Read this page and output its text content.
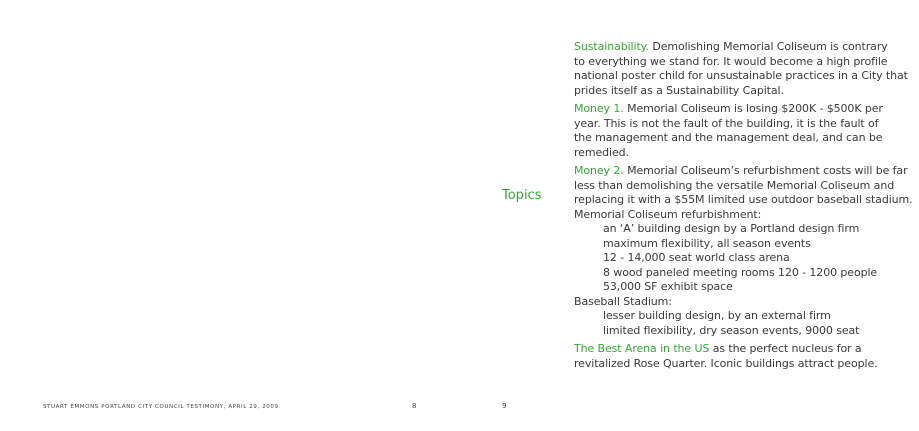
STUART EMMONS PORTLAND CITY COUNCIL TESTIMONY, APRIL 29, 2009	8
Topics
Sustainability. Demolishing Memorial Coliseum is contrary
to everything we stand for. It would become a high profile
national poster child for unsustainable practices in a City that
prides itself as a Sustainability Capital.
Money 1. Memorial Coliseum is losing $200K - $500K per
year. This is not the fault of the building, it is the fault of
the management and the management deal, and can be
remedied.
Money 2. Memorial Coliseum’s refurbishment costs will be far
less than demolishing the versatile Memorial Coliseum and
replacing it with a $55M limited use outdoor baseball stadium.
Memorial Coliseum refurbishment:
an ‘A’ building design by a Portland design firm
maximum flexibility, all season events
12 - 14,000 seat world class arena
8 wood paneled meeting rooms 120 - 1200 people
53,000 SF exhibit space
Baseball Stadium:
lesser building design, by an external firm
limited flexibility, dry season events, 9000 seat
The Best Arena in the US as the perfect nucleus for a
revitalized Rose Quarter. Iconic buildings attract people.
9
